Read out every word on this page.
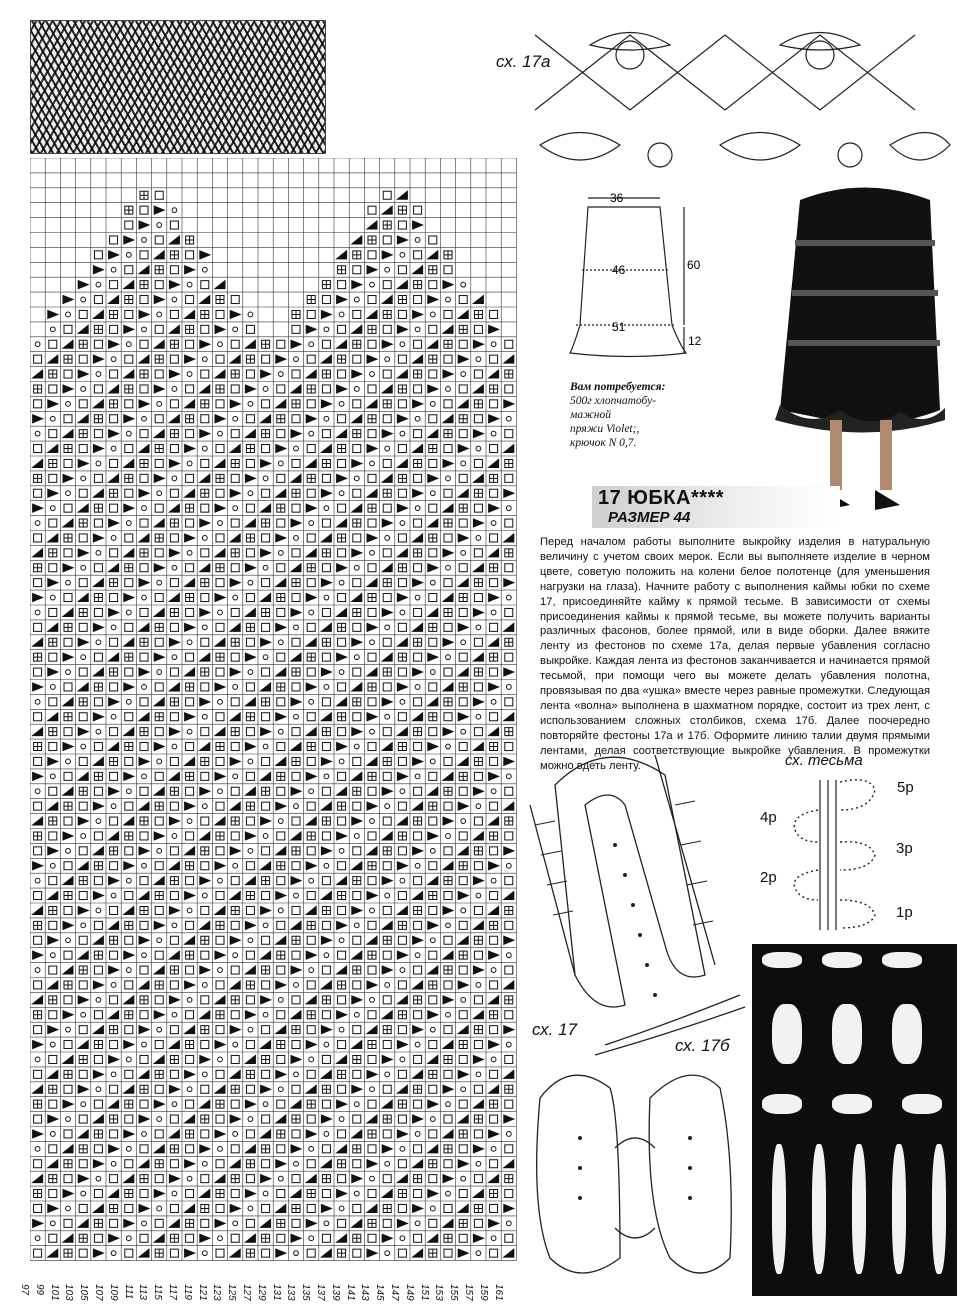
97 99 101 103 105 107 109 111 113 115 117 119 121 123 125 127 129 131 133 135 137 139 141 143 145 147 149 151 153 155 157 159 161
сх. 17а
36
46
51
60
12
Вам потребуется:
500г хлопчатобу-
мажной
пряжи Violet;,
крючок N 0,7.
17 ЮБКА****
РАЗМЕР 44
Перед началом работы выполните выкройку изделия в натуральную величину с учетом своих мерок. Если вы выполняете изделие в черном цвете, советую положить на колени белое полотенце (для уменьшения нагрузки на глаза). Начните работу с выполнения каймы юбки по схеме 17, присоединяйте кайму к прямой тесьме. В зависимости от схемы присоединения каймы к прямой тесьме, вы можете получить варианты различных фасонов, более прямой, или в виде оборки. Далее вяжите ленту из фестонов по схеме 17а, делая первые убавления согласно выкройке. Каждая лента из фестонов заканчивается и начинается прямой тесьмой, при помощи чего вы можете делать убавления полотна, провязывая по два «ушка» вместе через равные промежутки. Следующая лента «волна» выполнена в шахматном порядке, состоит из трех лент, с использованием сложных столбиков, схема 17б. Далее поочередно повторяйте фестоны 17а и 17б. Оформите линию талии двумя прямыми лентами, делая соответствующие выкройке убавления. В промежутки можно вдеть ленту.
сх. 17
сх. 17б
сх. тесьма
5р
4р
3р
2р
1р
